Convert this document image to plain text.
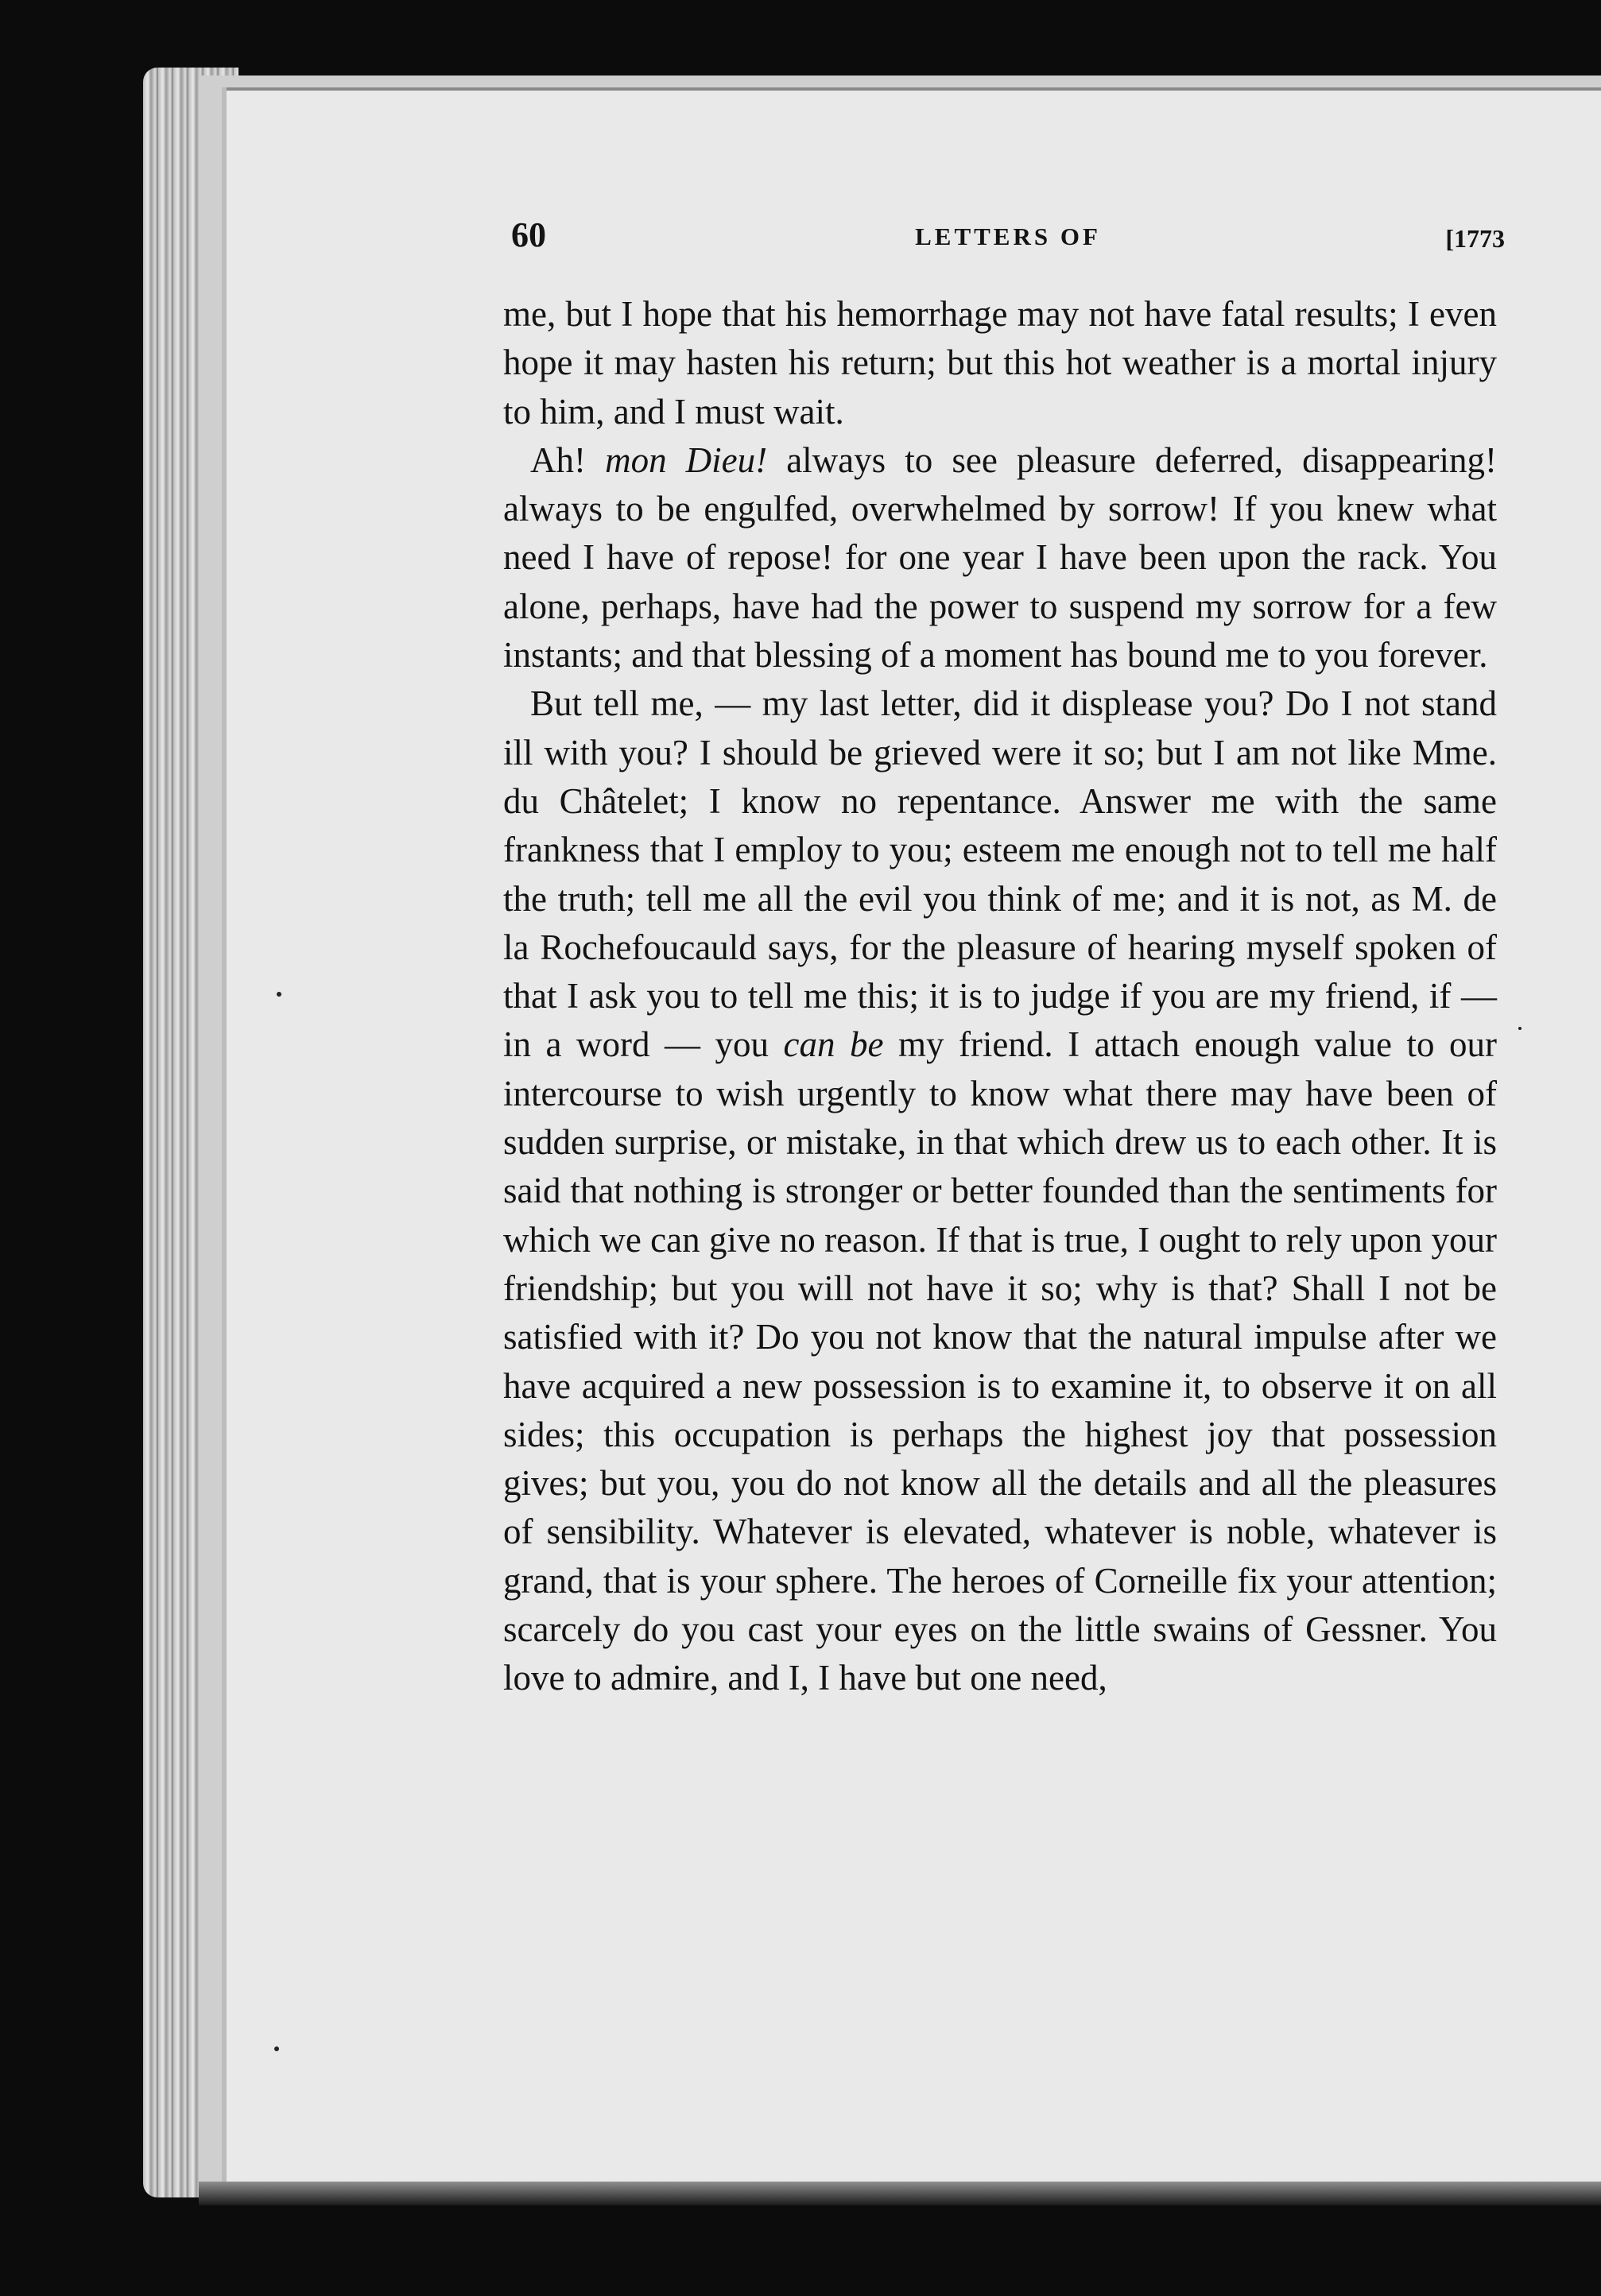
60	LETTERS OF	[1773

me, but I hope that his hemorrhage may not have fatal results; I even hope it may hasten his return; but this hot weather is a mortal injury to him, and I must wait.

Ah! mon Dieu! always to see pleasure deferred, disappearing! always to be engulfed, overwhelmed by sorrow! If you knew what need I have of repose! for one year I have been upon the rack. You alone, perhaps, have had the power to suspend my sorrow for a few instants; and that blessing of a moment has bound me to you forever.

But tell me, — my last letter, did it displease you? Do I not stand ill with you? I should be grieved were it so; but I am not like Mme. du Châtelet; I know no repentance. Answer me with the same frankness that I employ to you; esteem me enough not to tell me half the truth; tell me all the evil you think of me; and it is not, as M. de la Rochefoucauld says, for the pleasure of hearing myself spoken of that I ask you to tell me this; it is to judge if you are my friend, if —in a word — you can be my friend. I attach enough value to our intercourse to wish urgently to know what there may have been of sudden surprise, or mistake, in that which drew us to each other. It is said that nothing is stronger or better founded than the sentiments for which we can give no reason. If that is true, I ought to rely upon your friendship; but you will not have it so; why is that? Shall I not be satisfied with it? Do you not know that the natural impulse after we have acquired a new possession is to examine it, to observe it on all sides; this occupation is perhaps the highest joy that possession gives; but you, you do not know all the details and all the pleasures of sensibility. Whatever is elevated, whatever is noble, whatever is grand, that is your sphere. The heroes of Corneille fix your attention; scarcely do you cast your eyes on the little swains of Gessner. You love to admire, and I, I have but one need,
